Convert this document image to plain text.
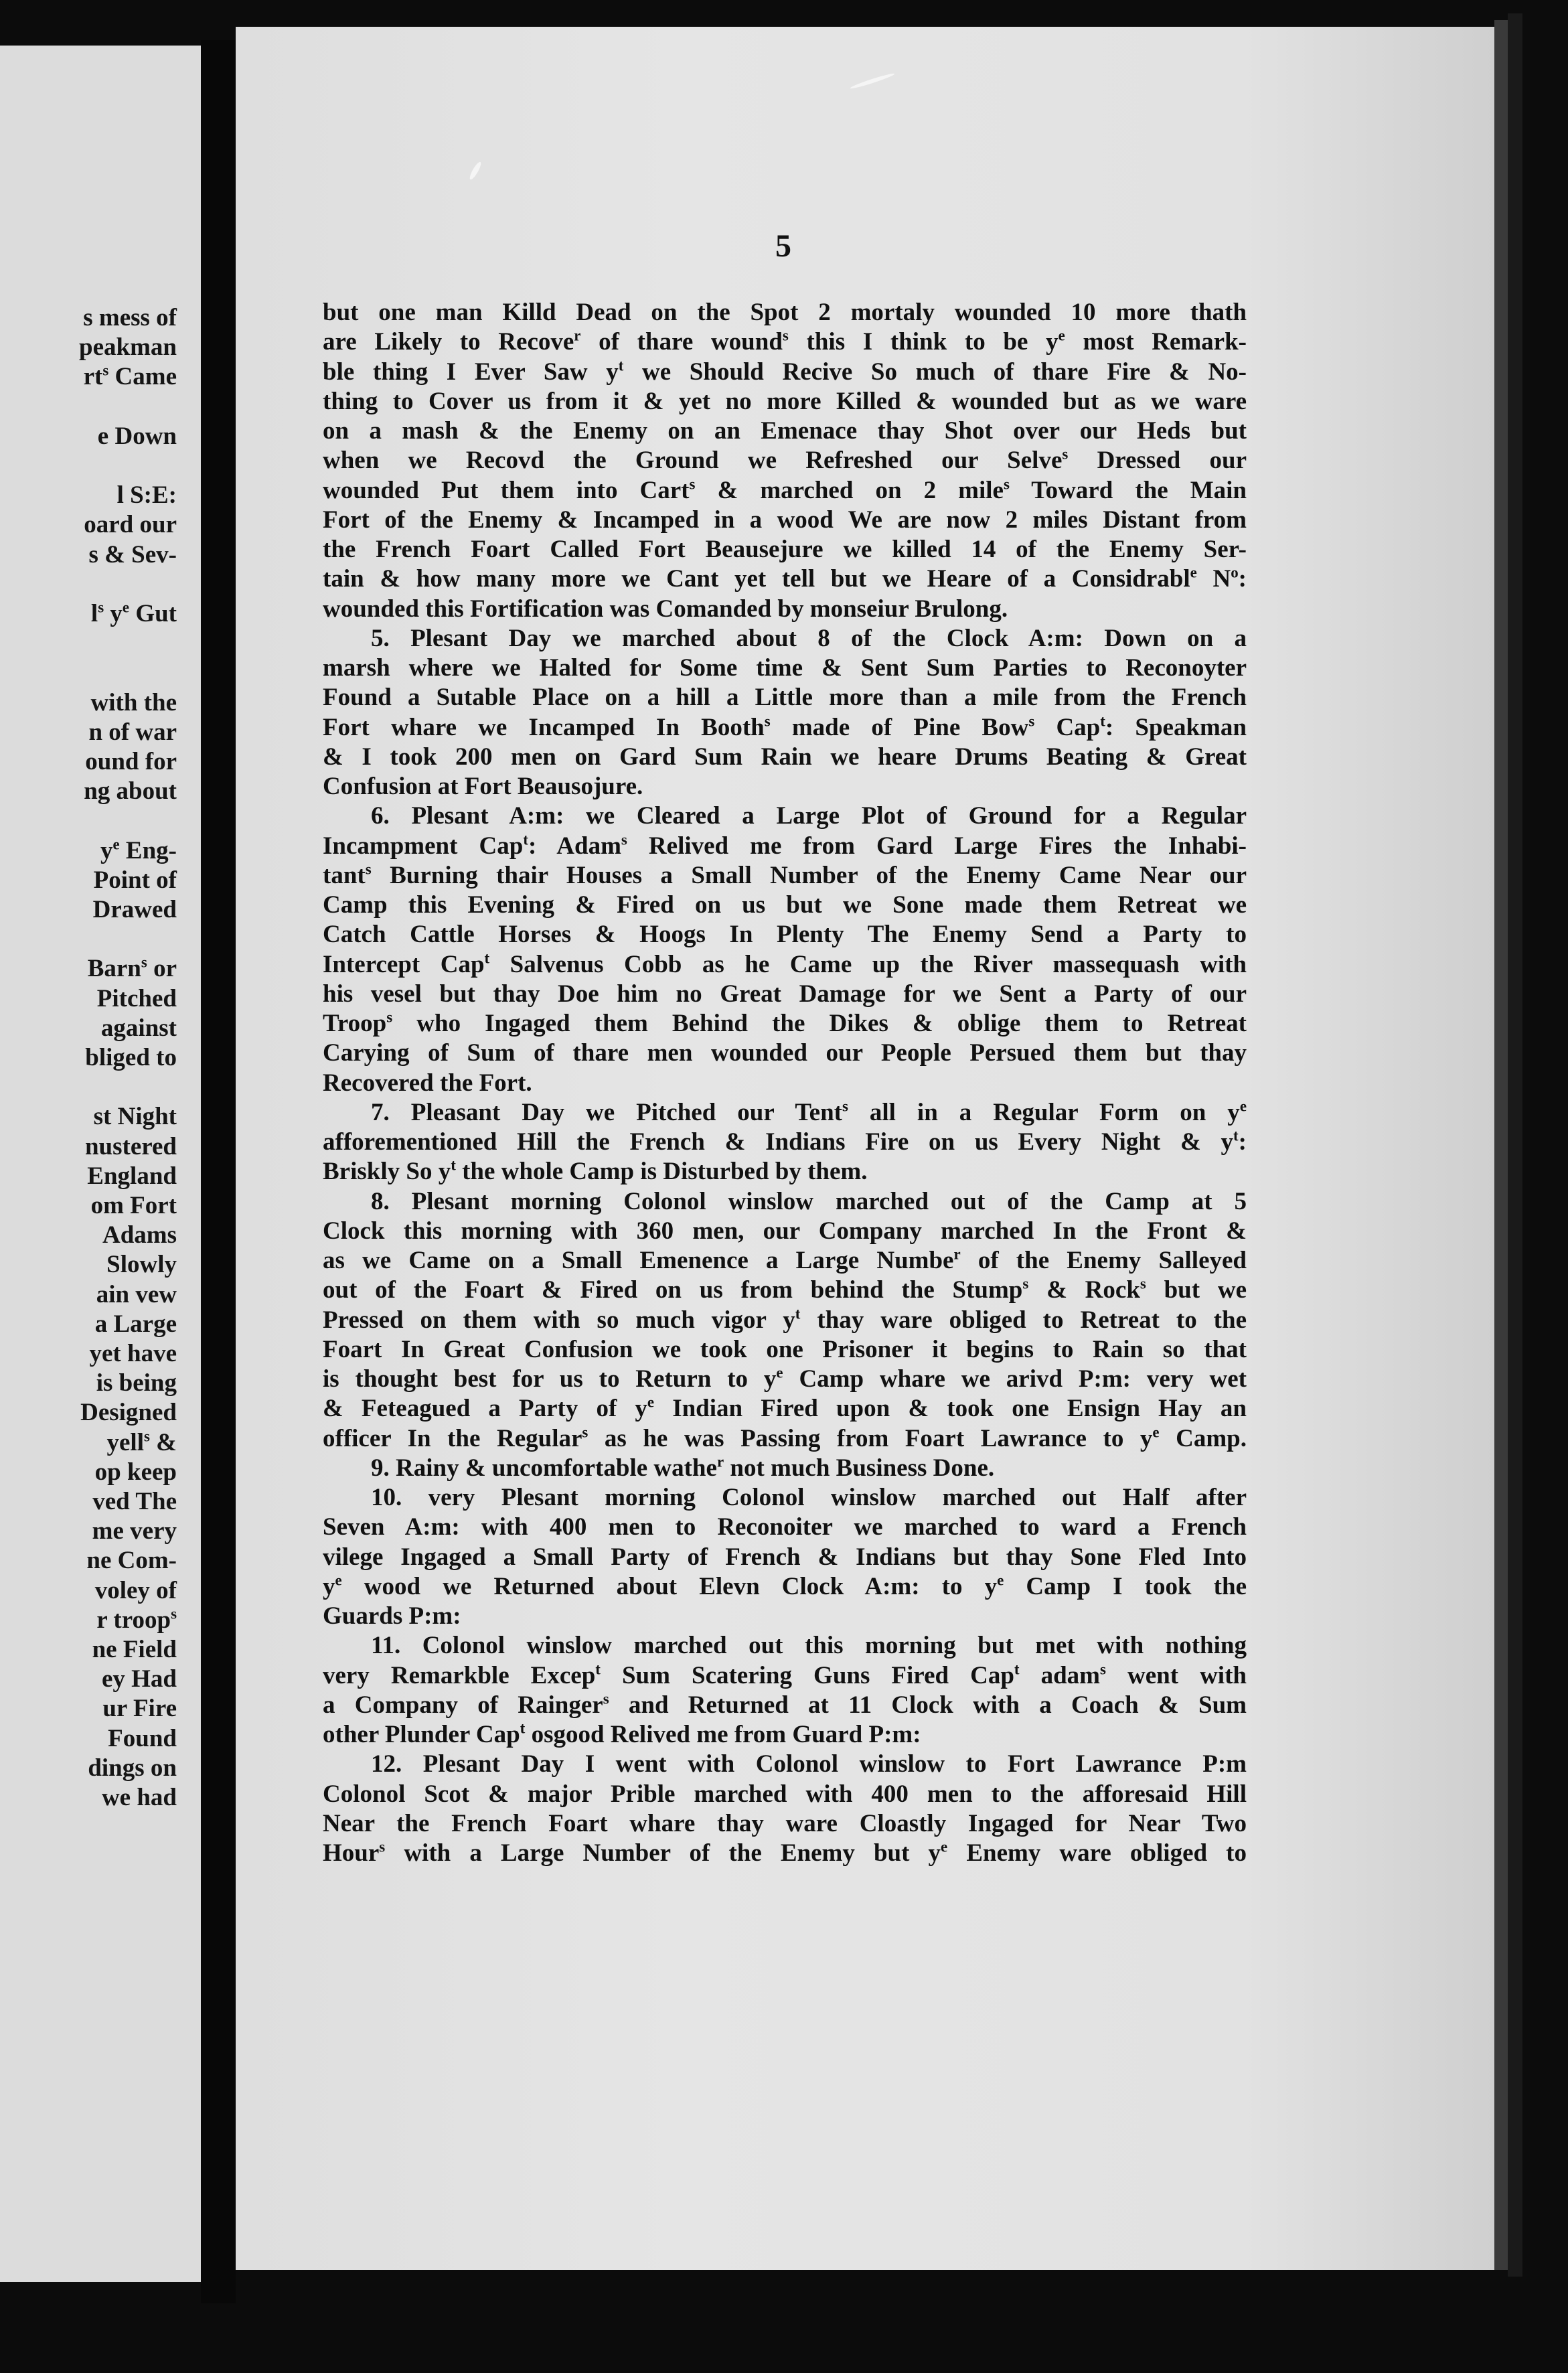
s mess of
peakman
$rt^s$ Came
e Down
l S:E:
oard our
s & Sev-
$l^s$ $y^e$ Gut
with the
n of war
ound for
ng about
$y^e$ Eng-
Point of
Drawed
Barn$^s$ or
Pitched
against
bliged to
st Night
nustered
England
om Fort
Adams
Slowly
ain vew
a Large
yet have
is being
Designed
yell$^s$ &
op keep
ved The
me very
ne Com-
voley of
r troop$^s$
ne Field
ey Had
ur Fire
Found
dings on
we had
5
but one man Killd Dead on the Spot 2 mortaly wounded 10 more thath
are Likely to Recove$^r$ of thare wound$^s$ this I think to be $y^e$ most Remark-
ble thing I Ever Saw $y^t$ we Should Recive So much of thare Fire & No-
thing to Cover us from it & yet no more Killed & wounded but as we ware
on a mash & the Enemy on an Emenace thay Shot over our Heds but
when we Recovd the Ground we Refreshed our Selve$^s$ Dressed our
wounded Put them into Cart$^s$ & marched on 2 mile$^s$ Toward the Main
Fort of the Enemy & Incamped in a wood We are now 2 miles Distant from
the French Foart Called Fort Beausejure we killed 14 of the Enemy Ser-
tain & how many more we Cant yet tell but we Heare of a Considrabl$^e$ $N^o$:
wounded this Fortification was Comanded by monseiur Brulong.
5. Plesant Day we marched about 8 of the Clock A:m: Down on a
marsh where we Halted for Some time & Sent Sum Parties to Reconoyter
Found a Sutable Place on a hill a Little more than a mile from the French
Fort whare we Incamped In Booth$^s$ made of Pine Bow$^s$ Cap$^t$: Speakman
& I took 200 men on Gard Sum Rain we heare Drums Beating & Great
Confusion at Fort Beausojure.
6. Plesant A:m: we Cleared a Large Plot of Ground for a Regular
Incampment Cap$^t$: Adam$^s$ Relived me from Gard Large Fires the Inhabi-
tant$^s$ Burning thair Houses a Small Number of the Enemy Came Near our
Camp this Evening & Fired on us but we Sone made them Retreat we
Catch Cattle Horses & Hoogs In Plenty The Enemy Send a Party to
Intercept Cap$^t$ Salvenus Cobb as he Came up the River massequash with
his vesel but thay Doe him no Great Damage for we Sent a Party of our
Troop$^s$ who Ingaged them Behind the Dikes & oblige them to Retreat
Carying of Sum of thare men wounded our People Persued them but thay
Recovered the Fort.
7. Pleasant Day we Pitched our Tent$^s$ all in a Regular Form on $y^e$
afforementioned Hill the French & Indians Fire on us Every Night & $y^t$:
Briskly So $y^t$ the whole Camp is Disturbed by them.
8. Plesant morning Colonol winslow marched out of the Camp at 5
Clock this morning with 360 men, our Company marched In the Front &
as we Came on a Small Emenence a Large Numbe$^r$ of the Enemy Salleyed
out of the Foart & Fired on us from behind the Stump$^s$ & Rock$^s$ but we
Pressed on them with so much vigor $y^t$ thay ware obliged to Retreat to the
Foart In Great Confusion we took one Prisoner it begins to Rain so that
is thought best for us to Return to $y^e$ Camp whare we arivd P:m: very wet
& Feteagued a Party of $y^e$ Indian Fired upon & took one Ensign Hay an
officer In the Regular$^s$ as he was Passing from Foart Lawrance to $y^e$ Camp.
9. Rainy & uncomfortable wathe$^r$ not much Business Done.
10. very Plesant morning Colonol winslow marched out Half after
Seven A:m: with 400 men to Reconoiter we marched to ward a French
vilege Ingaged a Small Party of French & Indians but thay Sone Fled Into
$y^e$ wood we Returned about Elevn Clock A:m: to $y^e$ Camp I took the
Guards P:m:
11. Colonol winslow marched out this morning but met with nothing
very Remarkble Excep$^t$ Sum Scatering Guns Fired Cap$^t$ adam$^s$ went with
a Company of Rainger$^s$ and Returned at 11 Clock with a Coach & Sum
other Plunder Cap$^t$ osgood Relived me from Guard P:m:
12. Plesant Day I went with Colonol winslow to Fort Lawrance P:m
Colonol Scot & major Prible marched with 400 men to the afforesaid Hill
Near the French Foart whare thay ware Cloastly Ingaged for Near Two
Hour$^s$ with a Large Number of the Enemy but $y^e$ Enemy ware obliged to
